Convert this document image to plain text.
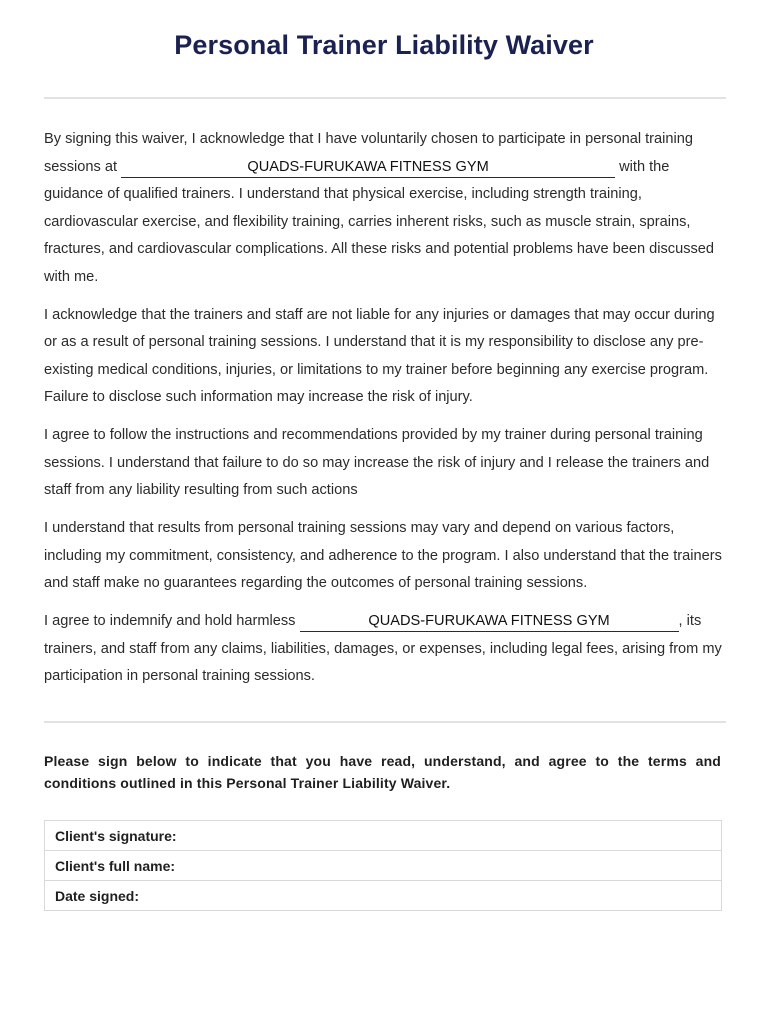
Personal Trainer Liability Waiver

By signing this waiver, I acknowledge that I have voluntarily chosen to participate in personal training sessions at	QUADS-FURUKAWA FITNESS GYM	with the guidance of qualified trainers. I understand that physical exercise, including strength training, cardiovascular exercise, and flexibility training, carries inherent risks, such as muscle strain, sprains, fractures, and cardiovascular complications. All these risks and potential problems have been discussed with me.

I acknowledge that the trainers and staff are not liable for any injuries or damages that may occur during or as a result of personal training sessions. I understand that it is my responsibility to disclose any pre-existing medical conditions, injuries, or limitations to my trainer before beginning any exercise program. Failure to disclose such information may increase the risk of injury.

I agree to follow the instructions and recommendations provided by my trainer during personal training sessions. I understand that failure to do so may increase the risk of injury and I release the trainers and staff from any liability resulting from such actions

I understand that results from personal training sessions may vary and depend on various factors, including my commitment, consistency, and adherence to the program. I also understand that the trainers and staff make no guarantees regarding the outcomes of personal training sessions.

I agree to indemnify and hold harmless	QUADS-FURUKAWA FITNESS GYM	, its trainers, and staff from any claims, liabilities, damages, or expenses, including legal fees, arising from my participation in personal training sessions.

Please sign below to indicate that you have read, understand, and agree to the terms and conditions outlined in this Personal Trainer Liability Waiver.

Client's signature:
Client's full name:
Date signed:
